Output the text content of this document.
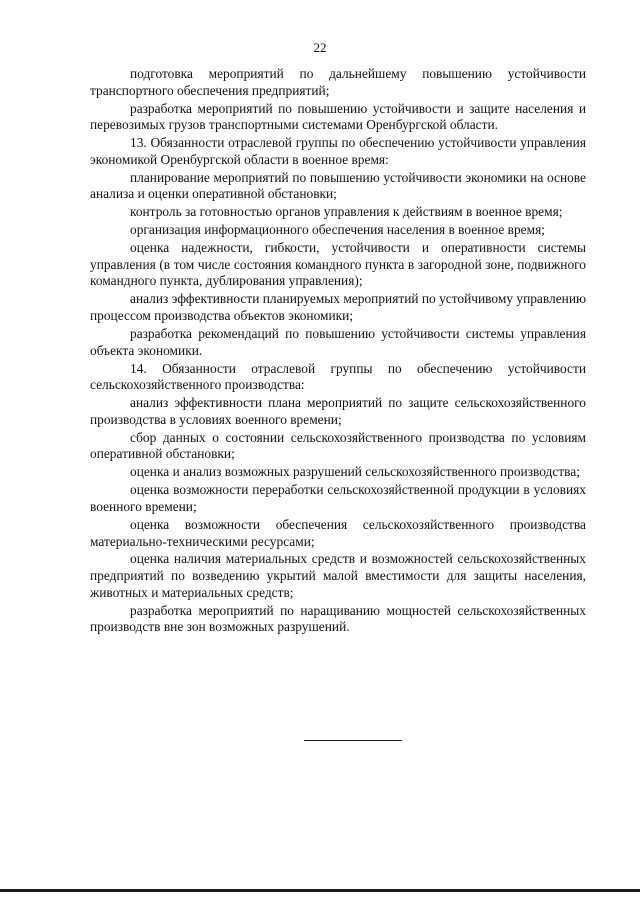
22

подготовка мероприятий по дальнейшему повышению устойчивости транспортного обеспечения предприятий;

разработка мероприятий по повышению устойчивости и защите населения и перевозимых грузов транспортными системами Оренбургской области.

13. Обязанности отраслевой группы по обеспечению устойчивости управления экономикой Оренбургской области в военное время:

планирование мероприятий по повышению устойчивости экономики на основе анализа и оценки оперативной обстановки;

контроль за готовностью органов управления к действиям в военное время;

организация информационного обеспечения населения в военное время;

оценка надежности, гибкости, устойчивости и оперативности системы управления (в том числе состояния командного пункта в загородной зоне, подвижного командного пункта, дублирования управления);

анализ эффективности планируемых мероприятий по устойчивому управлению процессом производства объектов экономики;

разработка рекомендаций по повышению устойчивости системы управления объекта экономики.

14. Обязанности отраслевой группы по обеспечению устойчивости сельскохозяйственного производства:

анализ эффективности плана мероприятий по защите сельскохозяйственного производства в условиях военного времени;

сбор данных о состоянии сельскохозяйственного производства по условиям оперативной обстановки;

оценка и анализ возможных разрушений сельскохозяйственного производства;

оценка возможности переработки сельскохозяйственной продукции в условиях военного времени;

оценка возможности обеспечения сельскохозяйственного производства материально-техническими ресурсами;

оценка наличия материальных средств и возможностей сельскохозяйственных предприятий по возведению укрытий малой вместимости для защиты населения, животных и материальных средств;

разработка мероприятий по наращиванию мощностей сельскохозяйственных производств вне зон возможных разрушений.
